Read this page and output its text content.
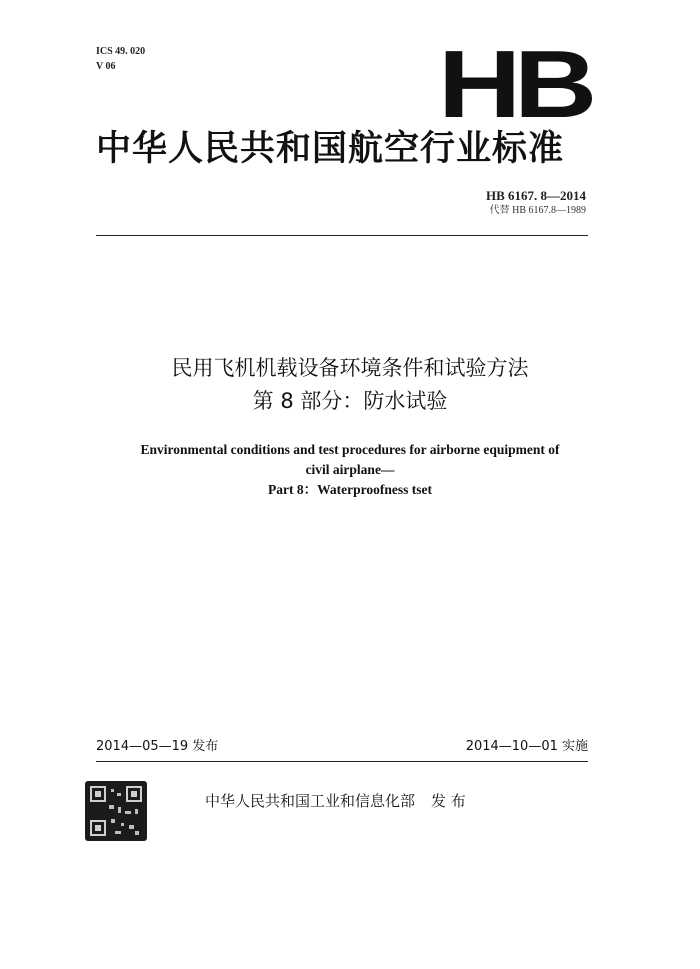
ICS 49. 020
V 06	HB
中华人民共和国航空行业标准
HB 6167. 8—2014
代替 HB 6167.8—1989
民用飞机机载设备环境条件和试验方法
第 8 部分：防水试验
Environmental conditions and test procedures for airborne equipment of
civil airplane—
Part 8：Waterproofness tset
2014—05—19 发布	2014—10—01 实施
中华人民共和国工业和信息化部 发 布
